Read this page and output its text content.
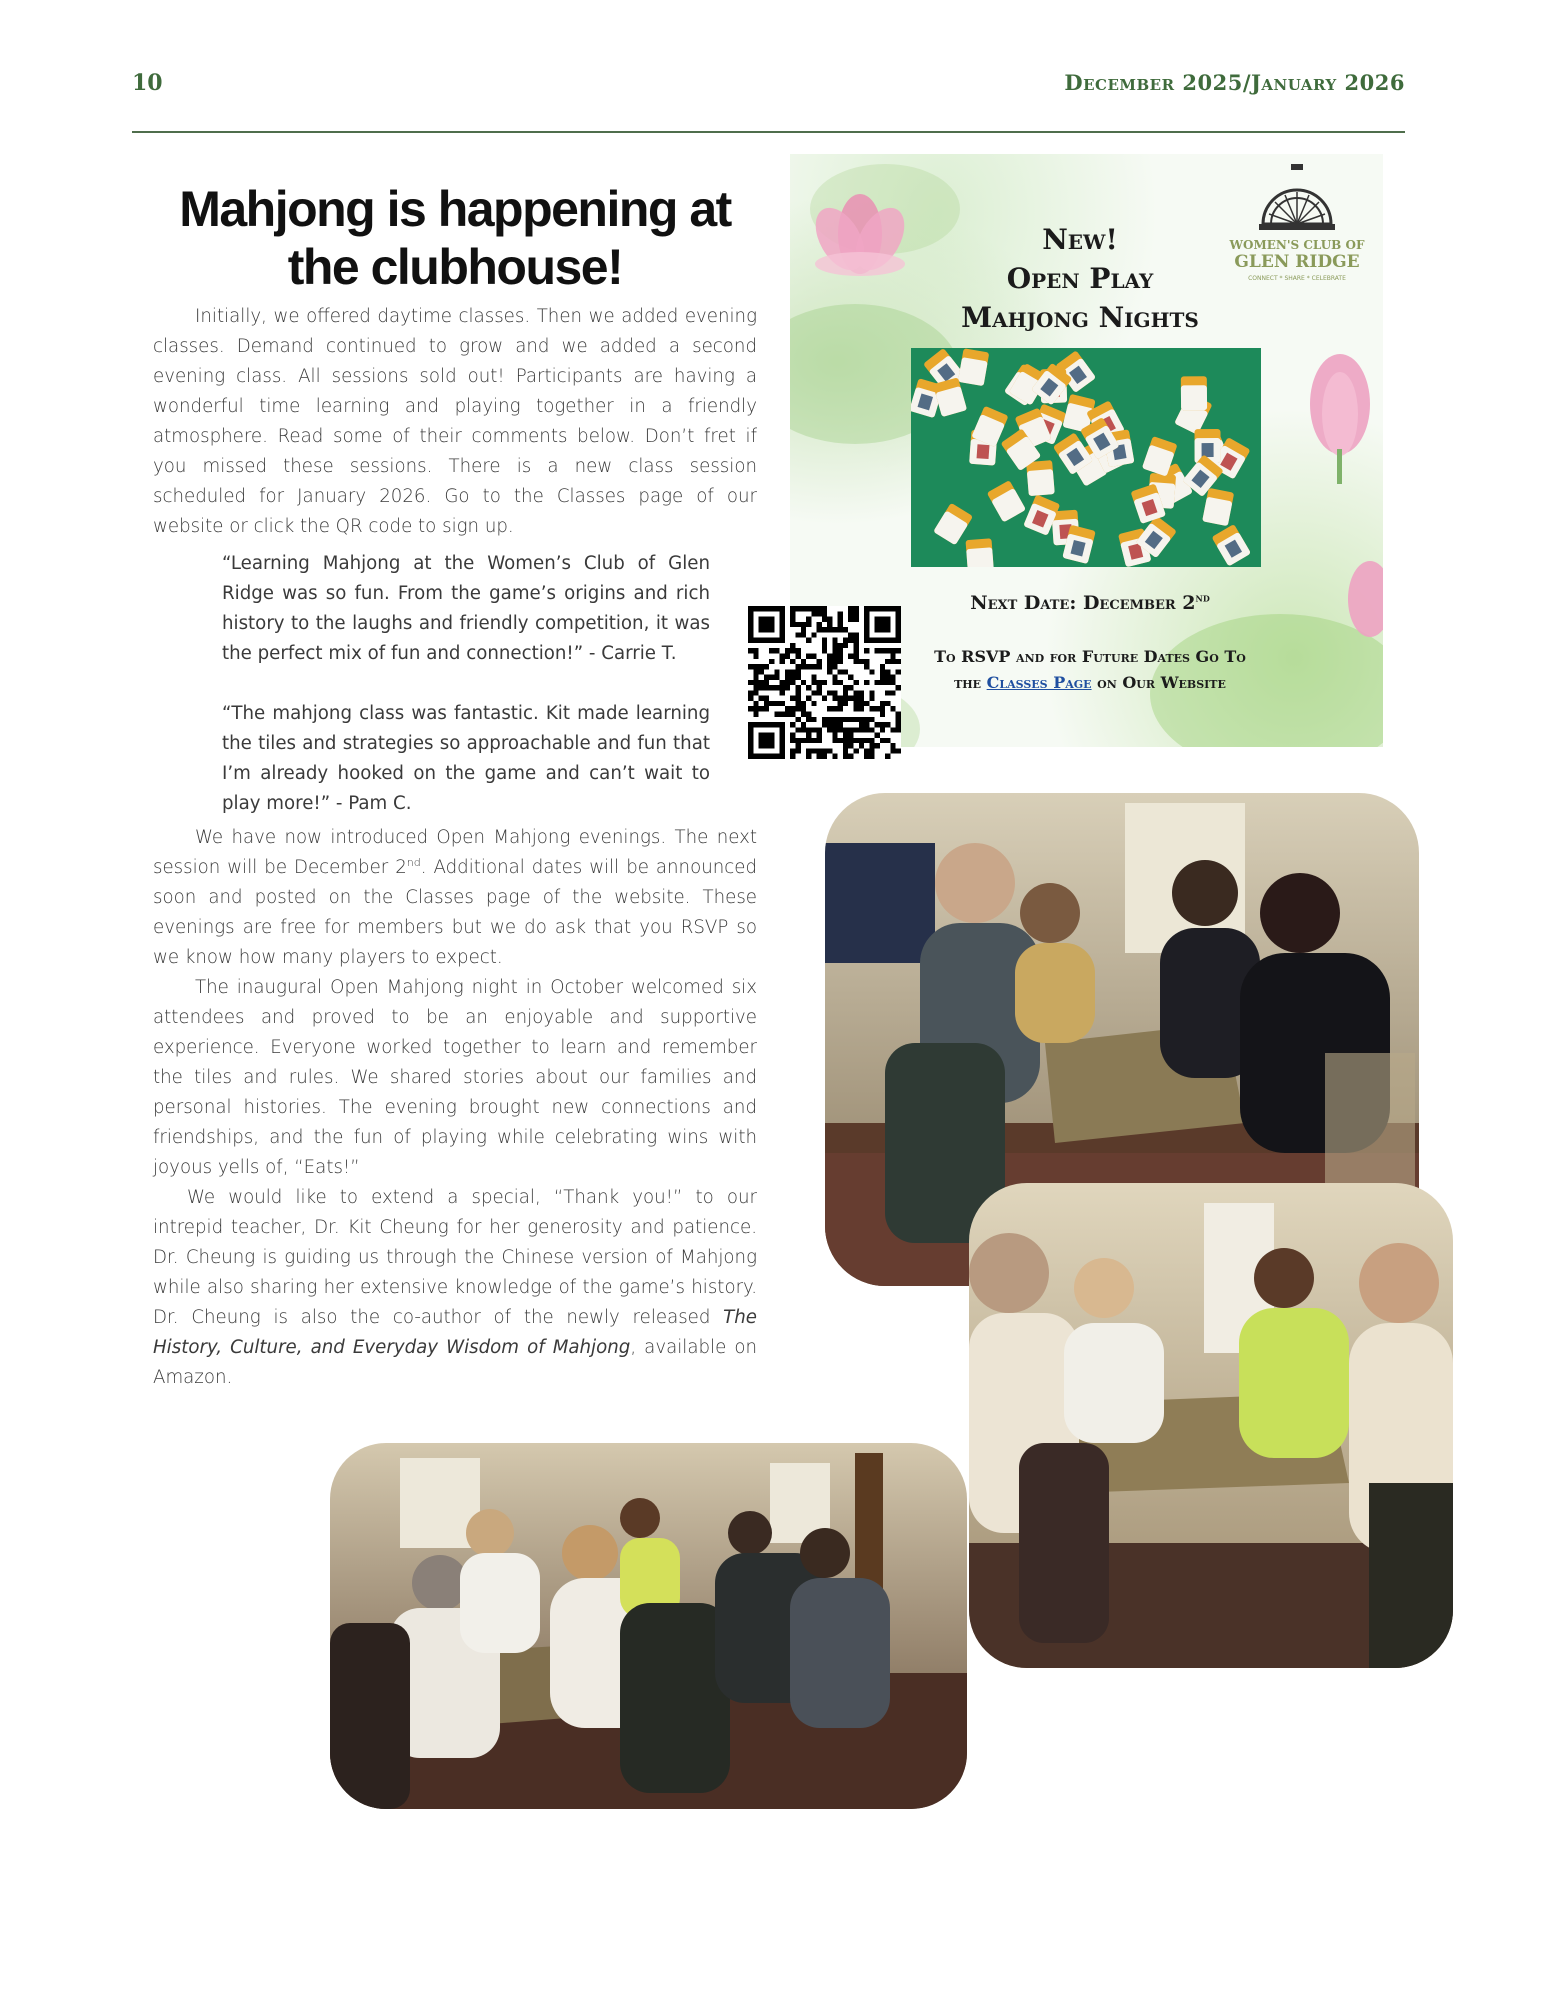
10	December 2025/January 2026
Mahjong is happening at
the clubhouse!

Initially, we offered daytime classes. Then we added evening classes. Demand continued to grow and we added a second evening class. All sessions sold out! Participants are having a wonderful time learning and playing together in a friendly atmosphere. Read some of their comments below. Don’t fret if you missed these sessions. There is a new class session scheduled for January 2026. Go to the Classes page of our website or click the QR code to sign up.

“Learning Mahjong at the Women’s Club of Glen Ridge was so fun. From the game’s origins and rich history to the laughs and friendly competition, it was the perfect mix of fun and connection!” - Carrie T.
“The mahjong class was fantastic. Kit made learning the tiles and strategies so approachable and fun that I’m already hooked on the game and can’t wait to play more!” - Pam C.

We have now introduced Open Mahjong evenings. The next session will be December 2nd. Additional dates will be announced soon and posted on the Classes page of the website. These evenings are free for members but we do ask that you RSVP so we know how many players to expect.

The inaugural Open Mahjong night in October welcomed six attendees and proved to be an enjoyable and supportive experience. Everyone worked together to learn and remember the tiles and rules. We shared stories about our families and personal histories. The evening brought new connections and friendships, and the fun of playing while celebrating wins with joyous yells of, “Eats!”

We would like to extend a special, “Thank you!” to our intrepid teacher, Dr. Kit Cheung for her generosity and patience. Dr. Cheung is guiding us through the Chinese version of Mahjong while also sharing her extensive knowledge of the game’s history. Dr. Cheung is also the co-author of the newly released The History, Culture, and Everyday Wisdom of Mahjong, available on Amazon.

New!
Open Play
Mahjong Nights
WOMEN'S CLUB OF
GLEN RIDGE
CONNECT * SHARE * CELEBRATE
Next Date: December 2nd
To RSVP and for Future Dates Go To
the Classes Page on Our Website
